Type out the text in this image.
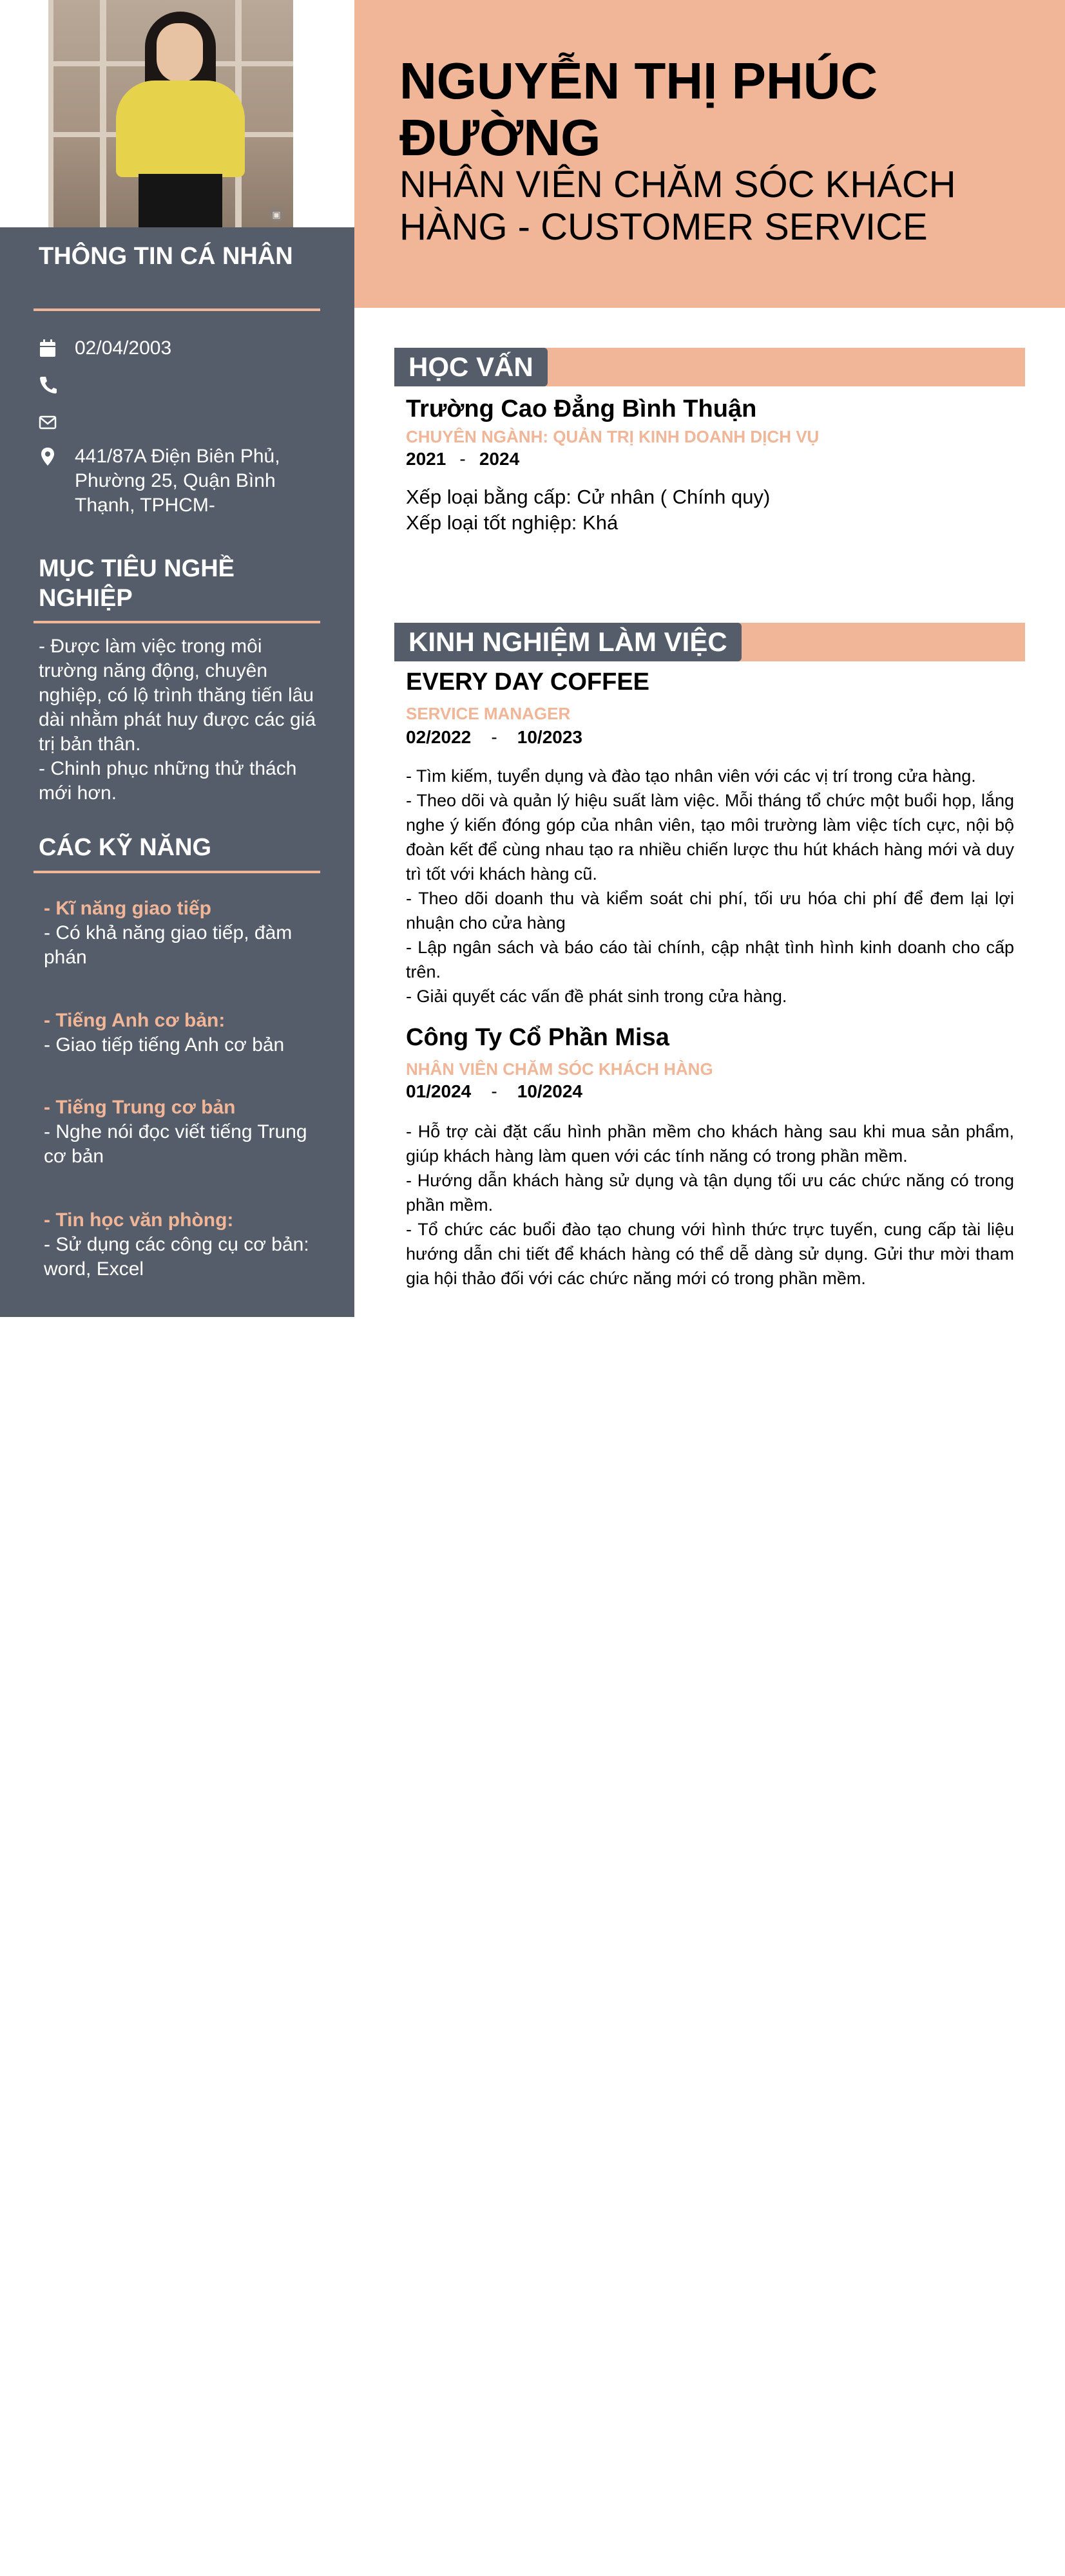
▣
THÔNG TIN CÁ NHÂN
02/04/2003
441/87A Điện Biên Phủ, Phường 25, Quận Bình Thạnh, TPHCM-
MỤC TIÊU NGHỀ NGHIỆP
- Được làm việc trong môi trường năng động, chuyên nghiệp, có lộ trình thăng tiến lâu dài nhằm phát huy được các giá trị bản thân.
- Chinh phục những thử thách mới hơn.
CÁC KỸ NĂNG
- Kĩ năng giao tiếp
- Có khả năng giao tiếp, đàm phán
- Tiếng Anh cơ bản:
- Giao tiếp tiếng Anh cơ bản
- Tiếng Trung cơ bản
- Nghe nói đọc viết tiếng Trung cơ bản
- Tin học văn phòng:
- Sử dụng các công cụ cơ bản: word, Excel
NGUYỄN THỊ PHÚC ĐƯỜNG
NHÂN VIÊN CHĂM SÓC KHÁCH HÀNG - CUSTOMER SERVICE
HỌC VẤN
Trường Cao Đẳng Bình Thuận
CHUYÊN NGÀNH: QUẢN TRỊ KINH DOANH DỊCH VỤ
2021 - 2024
Xếp loại bằng cấp: Cử nhân ( Chính quy)
Xếp loại tốt nghiệp: Khá
KINH NGHIỆM LÀM VIỆC
EVERY DAY COFFEE
SERVICE MANAGER
02/2022 - 10/2023
- Tìm kiếm, tuyển dụng và đào tạo nhân viên với các vị trí trong cửa hàng.
- Theo dõi và quản lý hiệu suất làm việc. Mỗi tháng tổ chức một buổi họp, lắng nghe ý kiến đóng góp của nhân viên, tạo môi trường làm việc tích cực, nội bộ đoàn kết để cùng nhau tạo ra nhiều chiến lược thu hút khách hàng mới và duy trì tốt với khách hàng cũ.
- Theo dõi doanh thu và kiểm soát chi phí, tối ưu hóa chi phí để đem lại lợi nhuận cho cửa hàng
- Lập ngân sách và báo cáo tài chính, cập nhật tình hình kinh doanh cho cấp trên.
- Giải quyết các vấn đề phát sinh trong cửa hàng.
Công Ty Cổ Phần Misa
NHÂN VIÊN CHĂM SÓC KHÁCH HÀNG
01/2024 - 10/2024
- Hỗ trợ cài đặt cấu hình phần mềm cho khách hàng sau khi mua sản phẩm, giúp khách hàng làm quen với các tính năng có trong phần mềm.
- Hướng dẫn khách hàng sử dụng và tận dụng tối ưu các chức năng có trong phần mềm.
- Tổ chức các buổi đào tạo chung với hình thức trực tuyến, cung cấp tài liệu hướng dẫn chi tiết để khách hàng có thể dễ dàng sử dụng. Gửi thư mời tham gia hội thảo đối với các chức năng mới có trong phần mềm.
